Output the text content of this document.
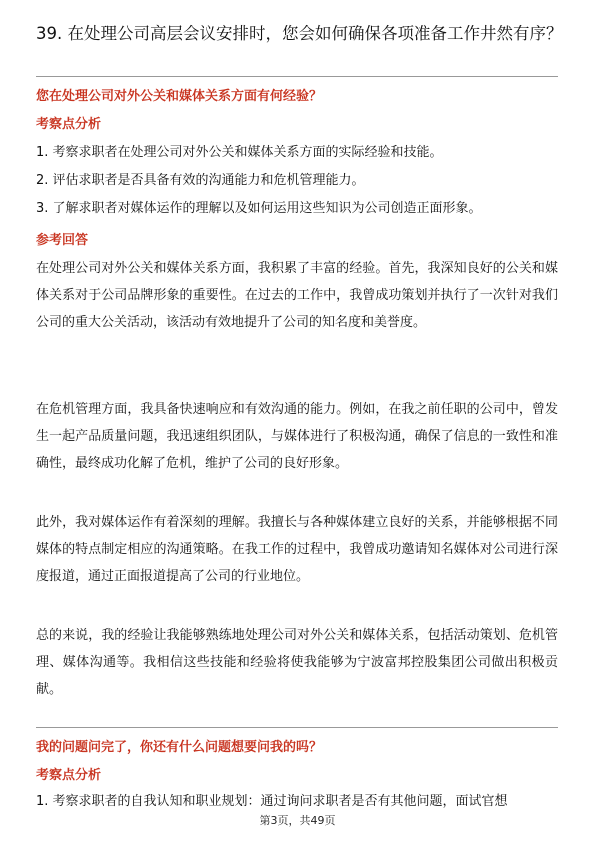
39. 在处理公司高层会议安排时，您会如何确保各项准备工作井然有序？
您在处理公司对外公关和媒体关系方面有何经验？
考察点分析

1. 考察求职者在处理公司对外公关和媒体关系方面的实际经验和技能。

2. 评估求职者是否具备有效的沟通能力和危机管理能力。

3. 了解求职者对媒体运作的理解以及如何运用这些知识为公司创造正面形象。

参考回答

在处理公司对外公关和媒体关系方面，我积累了丰富的经验。首先，我深知良好的公关和媒体关系对于公司品牌形象的重要性。在过去的工作中，我曾成功策划并执行了一次针对我们公司的重大公关活动，该活动有效地提升了公司的知名度和美誉度。

在危机管理方面，我具备快速响应和有效沟通的能力。例如，在我之前任职的公司中，曾发生一起产品质量问题，我迅速组织团队，与媒体进行了积极沟通，确保了信息的一致性和准确性，最终成功化解了危机，维护了公司的良好形象。

此外，我对媒体运作有着深刻的理解。我擅长与各种媒体建立良好的关系，并能够根据不同媒体的特点制定相应的沟通策略。在我工作的过程中，我曾成功邀请知名媒体对公司进行深度报道，通过正面报道提高了公司的行业地位。

总的来说，我的经验让我能够熟练地处理公司对外公关和媒体关系，包括活动策划、危机管理、媒体沟通等。我相信这些技能和经验将使我能够为宁波富邦控股集团公司做出积极贡献。

我的问题问完了，你还有什么问题想要问我的吗？
考察点分析

1. 考察求职者的自我认知和职业规划：通过询问求职者是否有其他问题，面试官想

第3页，共49页
